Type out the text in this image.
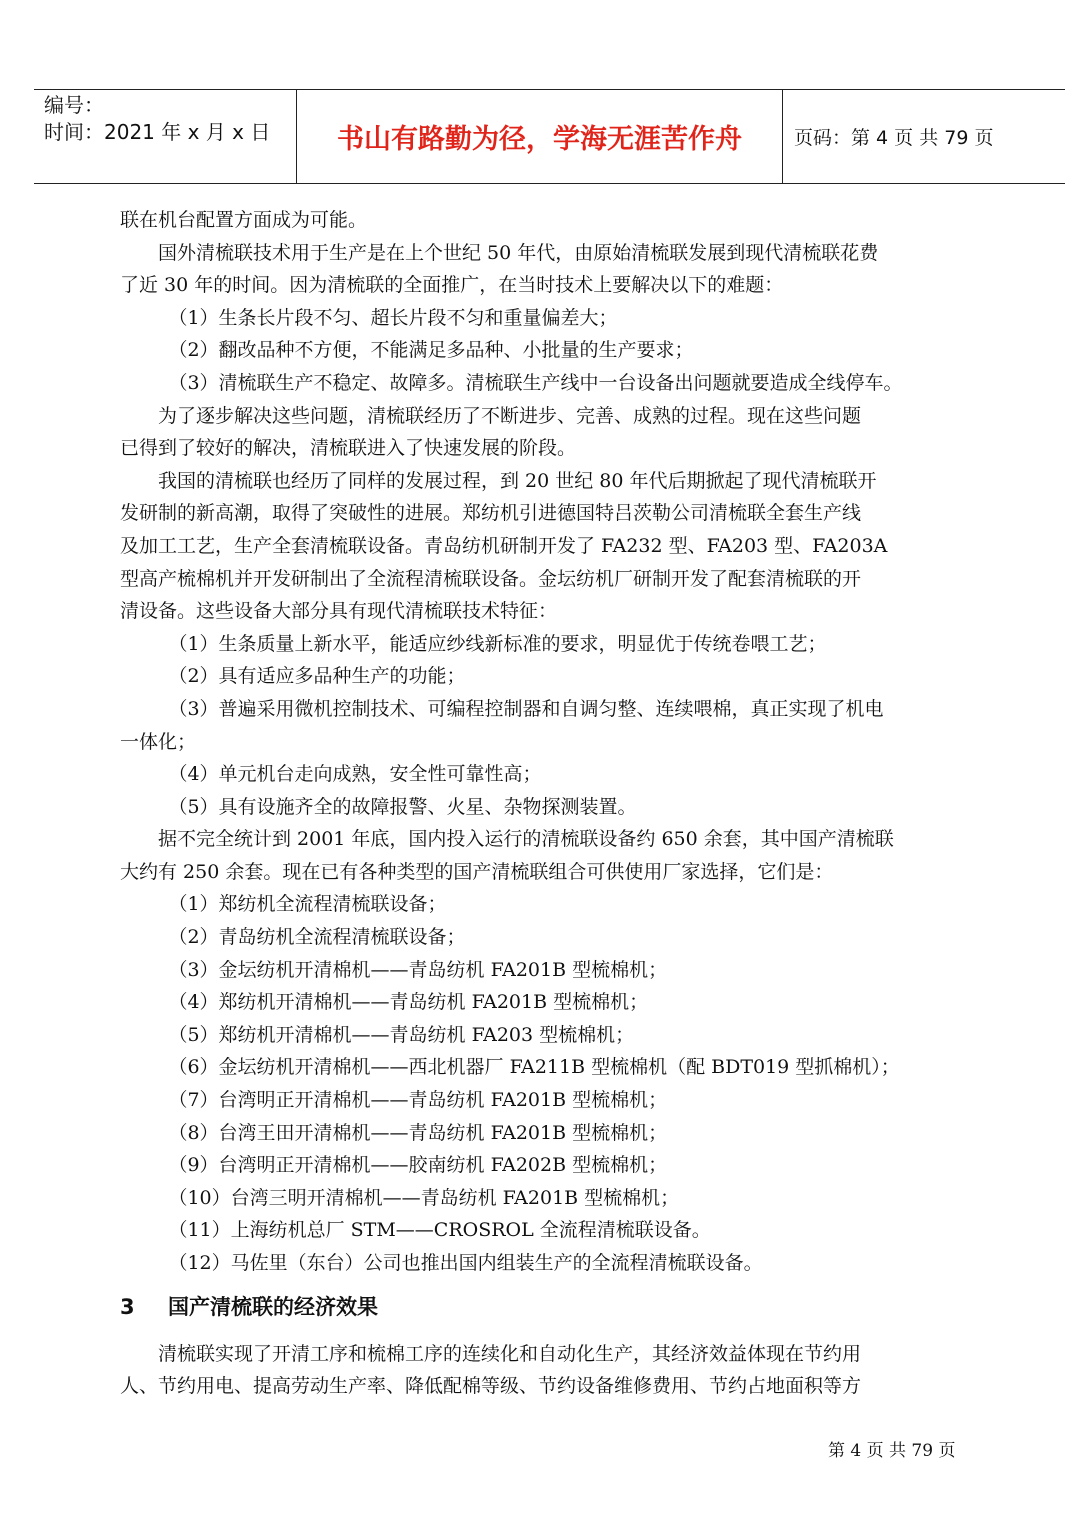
编号：
时间：2021 年 x 月 x 日	书山有路勤为径，学海无涯苦作舟	页码：第 4 页 共 79 页

联在机台配置方面成为可能。

国外清梳联技术用于生产是在上个世纪 50 年代，由原始清梳联发展到现代清梳联花费

了近 30 年的时间。因为清梳联的全面推广，在当时技术上要解决以下的难题：

（1）生条长片段不匀、超长片段不匀和重量偏差大；

（2）翻改品种不方便，不能满足多品种、小批量的生产要求；

（3）清梳联生产不稳定、故障多。清梳联生产线中一台设备出问题就要造成全线停车。

为了逐步解决这些问题，清梳联经历了不断进步、完善、成熟的过程。现在这些问题

已得到了较好的解决，清梳联进入了快速发展的阶段。

我国的清梳联也经历了同样的发展过程，到 20 世纪 80 年代后期掀起了现代清梳联开

发研制的新高潮，取得了突破性的进展。郑纺机引进德国特吕茨勒公司清梳联全套生产线

及加工工艺，生产全套清梳联设备。青岛纺机研制开发了 FA232 型、FA203 型、FA203A

型高产梳棉机并开发研制出了全流程清梳联设备。金坛纺机厂研制开发了配套清梳联的开

清设备。这些设备大部分具有现代清梳联技术特征：

（1）生条质量上新水平，能适应纱线新标准的要求，明显优于传统卷喂工艺；

（2）具有适应多品种生产的功能；

（3）普遍采用微机控制技术、可编程控制器和自调匀整、连续喂棉，真正实现了机电

一体化；

（4）单元机台走向成熟，安全性可靠性高；

（5）具有设施齐全的故障报警、火星、杂物探测装置。

据不完全统计到 2001 年底，国内投入运行的清梳联设备约 650 余套，其中国产清梳联

大约有 250 余套。现在已有各种类型的国产清梳联组合可供使用厂家选择，它们是：

（1）郑纺机全流程清梳联设备；

（2）青岛纺机全流程清梳联设备；

（3）金坛纺机开清棉机——青岛纺机 FA201B 型梳棉机；

（4）郑纺机开清棉机——青岛纺机 FA201B 型梳棉机；

（5）郑纺机开清棉机——青岛纺机 FA203 型梳棉机；

（6）金坛纺机开清棉机——西北机器厂 FA211B 型梳棉机（配 BDT019 型抓棉机）；

（7）台湾明正开清棉机——青岛纺机 FA201B 型梳棉机；

（8）台湾王田开清棉机——青岛纺机 FA201B 型梳棉机；

（9）台湾明正开清棉机——胶南纺机 FA202B 型梳棉机；

（10）台湾三明开清棉机——青岛纺机 FA201B 型梳棉机；

（11）上海纺机总厂 STM——CROSROL 全流程清梳联设备。

（12）马佐里（东台）公司也推出国内组装生产的全流程清梳联设备。

3 国产清梳联的经济效果

清梳联实现了开清工序和梳棉工序的连续化和自动化生产，其经济效益体现在节约用

人、节约用电、提高劳动生产率、降低配棉等级、节约设备维修费用、节约占地面积等方

第 4 页 共 79 页
